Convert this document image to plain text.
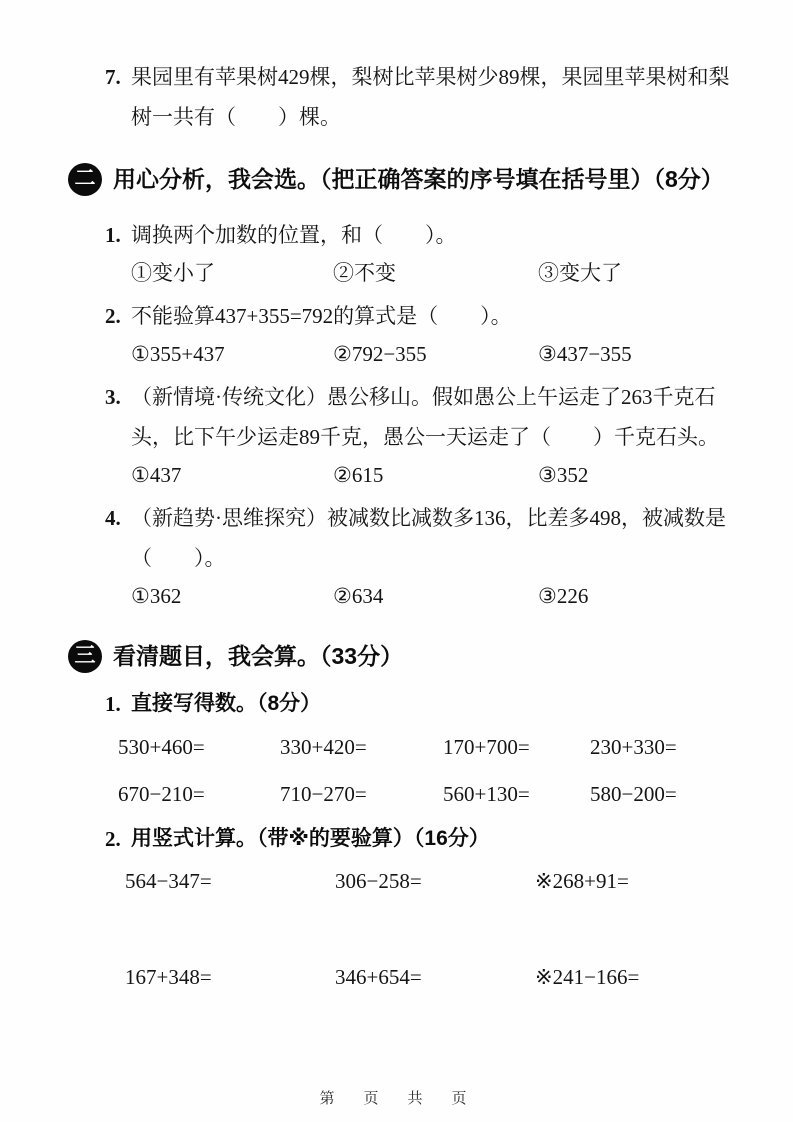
7. 果园里有苹果树429棵，梨树比苹果树少89棵，果园里苹果树和梨
树一共有（　　）棵。
二 用心分析，我会选。（把正确答案的序号填在括号里）（8分）
1. 调换两个加数的位置，和（　　）。
①变小了	②不变	③变大了
2. 不能验算437+355=792的算式是（　　）。
①355+437	②792−355	③437−355
3. （新情境·传统文化）愚公移山。假如愚公上午运走了263千克石
头，比下午少运走89千克，愚公一天运走了（　　）千克石头。
①437	②615	③352
4. （新趋势·思维探究）被减数比减数多136，比差多498，被减数是
（　　）。
①362	②634	③226
三 看清题目，我会算。（33分）
1. 直接写得数。（8分）
530+460=	330+420=	170+700=	230+330=
670−210=	710−270=	560+130=	580−200=
2. 用竖式计算。（带※的要验算）（16分）
564−347=	306−258=	※268+91=
167+348=	346+654=	※241−166=
第　页　共　页
